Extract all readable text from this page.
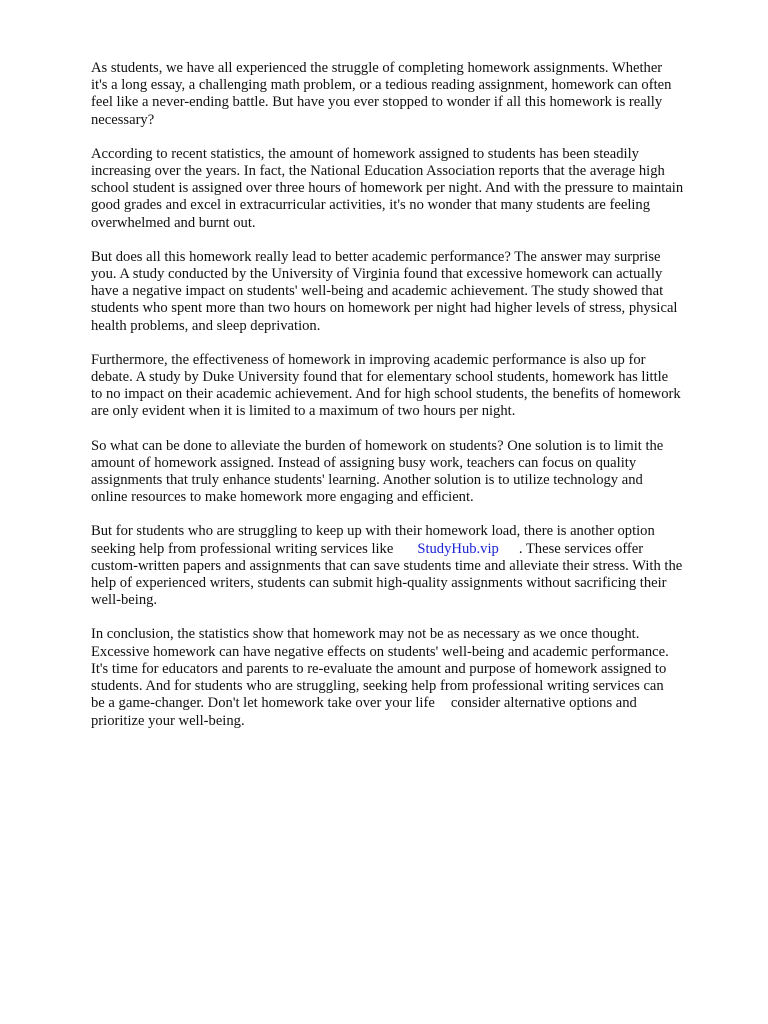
As students, we have all experienced the struggle of completing homework assignments. Whether
it's a long essay, a challenging math problem, or a tedious reading assignment, homework can often
feel like a never-ending battle. But have you ever stopped to wonder if all this homework is really
necessary?

According to recent statistics, the amount of homework assigned to students has been steadily
increasing over the years. In fact, the National Education Association reports that the average high
school student is assigned over three hours of homework per night. And with the pressure to maintain
good grades and excel in extracurricular activities, it's no wonder that many students are feeling
overwhelmed and burnt out.

But does all this homework really lead to better academic performance? The answer may surprise
you. A study conducted by the University of Virginia found that excessive homework can actually
have a negative impact on students' well-being and academic achievement. The study showed that
students who spent more than two hours on homework per night had higher levels of stress, physical
health problems, and sleep deprivation.

Furthermore, the effectiveness of homework in improving academic performance is also up for
debate. A study by Duke University found that for elementary school students, homework has little
to no impact on their academic achievement. And for high school students, the benefits of homework
are only evident when it is limited to a maximum of two hours per night.

So what can be done to alleviate the burden of homework on students? One solution is to limit the
amount of homework assigned. Instead of assigning busy work, teachers can focus on quality
assignments that truly enhance students' learning. Another solution is to utilize technology and
online resources to make homework more engaging and efficient.

But for students who are struggling to keep up with their homework load, there is another option
seeking help from professional writing services like StudyHub.vip . These services offer
custom-written papers and assignments that can save students time and alleviate their stress. With the
help of experienced writers, students can submit high-quality assignments without sacrificing their
well-being.

In conclusion, the statistics show that homework may not be as necessary as we once thought.
Excessive homework can have negative effects on students' well-being and academic performance.
It's time for educators and parents to re-evaluate the amount and purpose of homework assigned to
students. And for students who are struggling, seeking help from professional writing services can
be a game-changer. Don't let homework take over your life consider alternative options and
prioritize your well-being.
